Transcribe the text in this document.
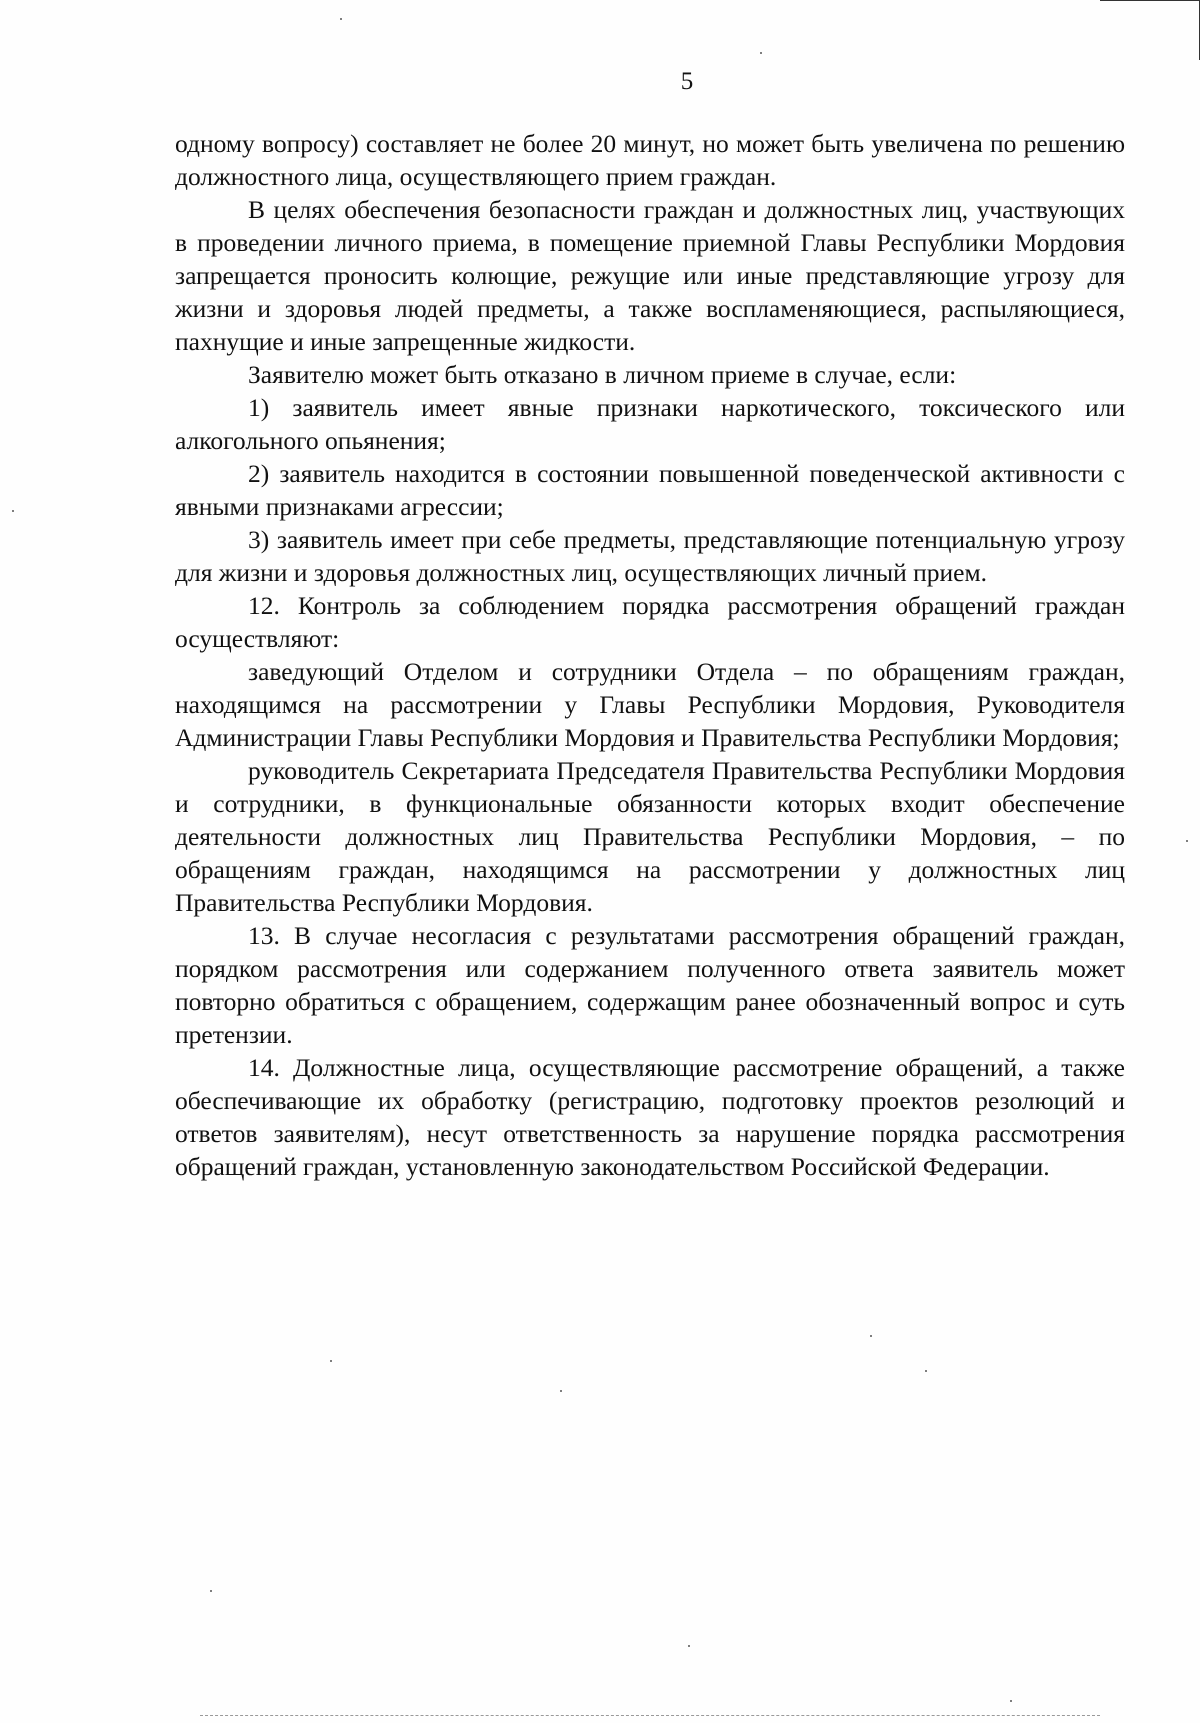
5

одному вопросу) составляет не более 20 минут, но может быть увеличена по решению должностного лица, осуществляющего прием граждан.

В целях обеспечения безопасности граждан и должностных лиц, участвующих в проведении личного приема, в помещение приемной Главы Республики Мордовия запрещается проносить колющие, режущие или иные представляющие угрозу для жизни и здоровья людей предметы, а также воспламеняющиеся, распыляющиеся, пахнущие и иные запрещенные жидкости.

Заявителю может быть отказано в личном приеме в случае, если:

1) заявитель имеет явные признаки наркотического, токсического или алкогольного опьянения;

2) заявитель находится в состоянии повышенной поведенческой активности с явными признаками агрессии;

3) заявитель имеет при себе предметы, представляющие потенциальную угрозу для жизни и здоровья должностных лиц, осуществляющих личный прием.

12. Контроль за соблюдением порядка рассмотрения обращений граждан осуществляют:

заведующий Отделом и сотрудники Отдела – по обращениям граждан, находящимся на рассмотрении у Главы Республики Мордовия, Руководителя Администрации Главы Республики Мордовия и Правительства Республики Мордовия;

руководитель Секретариата Председателя Правительства Республики Мордовия и сотрудники, в функциональные обязанности которых входит обеспечение деятельности должностных лиц Правительства Республики Мордовия, – по обращениям граждан, находящимся на рассмотрении у должностных лиц Правительства Республики Мордовия.

13. В случае несогласия с результатами рассмотрения обращений граждан, порядком рассмотрения или содержанием полученного ответа заявитель может повторно обратиться с обращением, содержащим ранее обозначенный вопрос и суть претензии.

14. Должностные лица, осуществляющие рассмотрение обращений, а также обеспечивающие их обработку (регистрацию, подготовку проектов резолюций и ответов заявителям), несут ответственность за нарушение порядка рассмотрения обращений граждан, установленную законодательством Российской Федерации.
